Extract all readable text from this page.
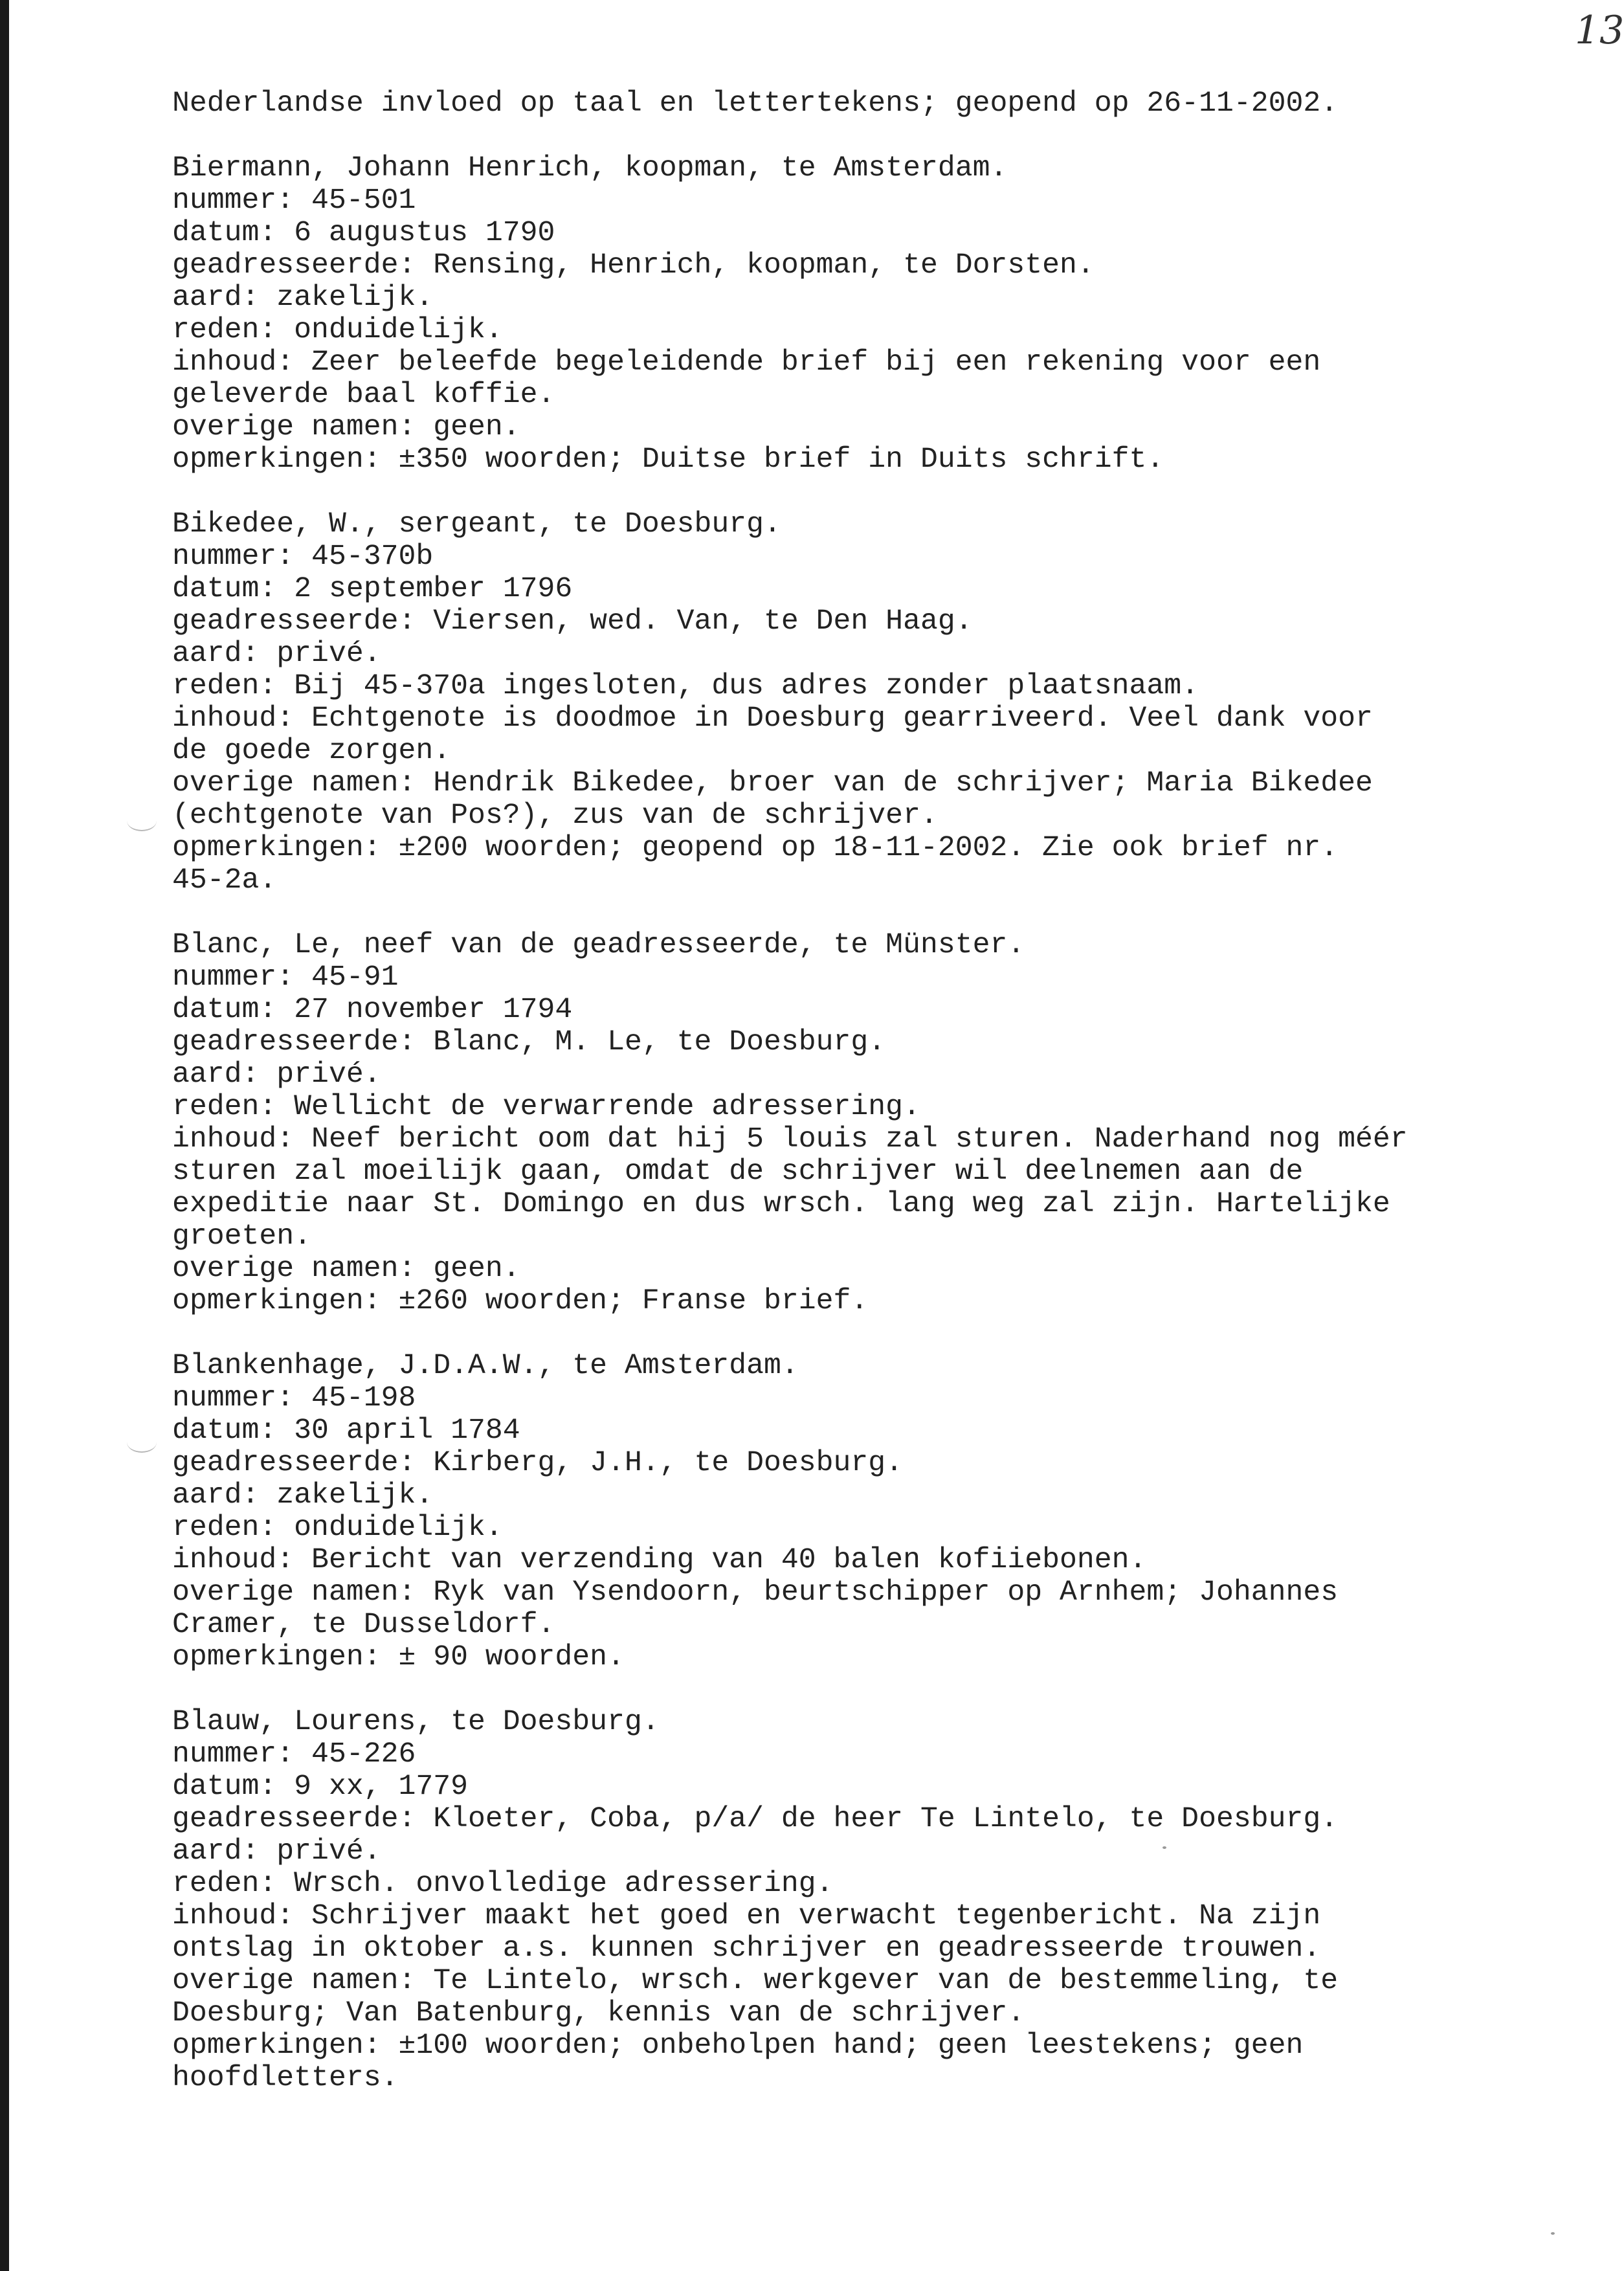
13

Nederlandse invloed op taal en lettertekens; geopend op 26-11-2002.

Biermann, Johann Henrich, koopman, te Amsterdam.

nummer: 45-501

datum: 6 augustus 1790

geadresseerde: Rensing, Henrich, koopman, te Dorsten.

aard: zakelijk.

reden: onduidelijk.

inhoud: Zeer beleefde begeleidende brief bij een rekening voor een

geleverde baal koffie.

overige namen: geen.

opmerkingen: ±350 woorden; Duitse brief in Duits schrift.

Bikedee, W., sergeant, te Doesburg.

nummer: 45-370b

datum: 2 september 1796

geadresseerde: Viersen, wed. Van, te Den Haag.

aard: privé.

reden: Bij 45-370a ingesloten, dus adres zonder plaatsnaam.

inhoud: Echtgenote is doodmoe in Doesburg gearriveerd. Veel dank voor

de goede zorgen.

overige namen: Hendrik Bikedee, broer van de schrijver; Maria Bikedee

(echtgenote van Pos?), zus van de schrijver.

opmerkingen: ±200 woorden; geopend op 18-11-2002. Zie ook brief nr.

45-2a.

Blanc, Le, neef van de geadresseerde, te Münster.

nummer: 45-91

datum: 27 november 1794

geadresseerde: Blanc, M. Le, te Doesburg.

aard: privé.

reden: Wellicht de verwarrende adressering.

inhoud: Neef bericht oom dat hij 5 louis zal sturen. Naderhand nog méér

sturen zal moeilijk gaan, omdat de schrijver wil deelnemen aan de

expeditie naar St. Domingo en dus wrsch. lang weg zal zijn. Hartelijke

groeten.

overige namen: geen.

opmerkingen: ±260 woorden; Franse brief.

Blankenhage, J.D.A.W., te Amsterdam.

nummer: 45-198

datum: 30 april 1784

geadresseerde: Kirberg, J.H., te Doesburg.

aard: zakelijk.

reden: onduidelijk.

inhoud: Bericht van verzending van 40 balen kofiiebonen.

overige namen: Ryk van Ysendoorn, beurtschipper op Arnhem; Johannes

Cramer, te Dusseldorf.

opmerkingen: ± 90 woorden.

Blauw, Lourens, te Doesburg.

nummer: 45-226

datum: 9 xx, 1779

geadresseerde: Kloeter, Coba, p/a/ de heer Te Lintelo, te Doesburg.

aard: privé.

reden: Wrsch. onvolledige adressering.

inhoud: Schrijver maakt het goed en verwacht tegenbericht. Na zijn

ontslag in oktober a.s. kunnen schrijver en geadresseerde trouwen.

overige namen: Te Lintelo, wrsch. werkgever van de bestemmeling, te

Doesburg; Van Batenburg, kennis van de schrijver.

opmerkingen: ±100 woorden; onbeholpen hand; geen leestekens; geen

hoofdletters.
